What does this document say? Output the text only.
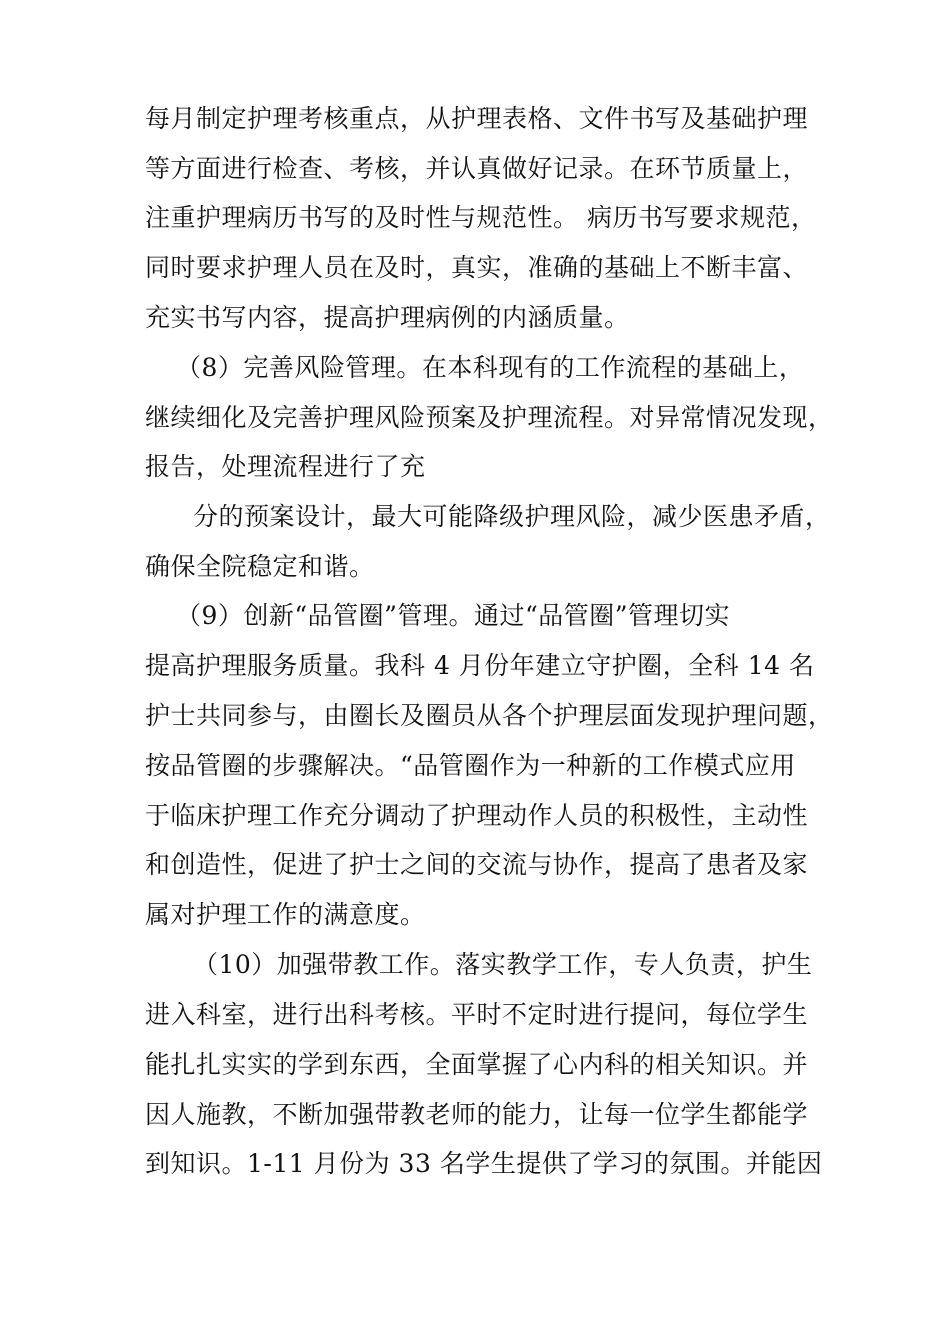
每月制定护理考核重点，从护理表格、文件书写及基础护理
等方面进行检查、考核，并认真做好记录。在环节质量上，
注重护理病历书写的及时性与规范性。 病历书写要求规范，
同时要求护理人员在及时，真实，准确的基础上不断丰富、
充实书写内容，提高护理病例的内涵质量。
（8）完善风险管理。在本科现有的工作流程的基础上，
继续细化及完善护理风险预案及护理流程。对异常情况发现，
报告，处理流程进行了充
分的预案设计，最大可能降级护理风险，减少医患矛盾，
确保全院稳定和谐。
（9）创新“品管圈”管理。通过“品管圈”管理切实
提高护理服务质量。我科 4 月份年建立守护圈，全科 14 名
护士共同参与，由圈长及圈员从各个护理层面发现护理问题，
按品管圈的步骤解决。“品管圈作为一种新的工作模式应用
于临床护理工作充分调动了护理动作人员的积极性，主动性
和创造性，促进了护士之间的交流与协作，提高了患者及家
属对护理工作的满意度。
（10）加强带教工作。落实教学工作，专人负责，护生
进入科室，进行出科考核。平时不定时进行提问，每位学生
能扎扎实实的学到东西，全面掌握了心内科的相关知识。并
因人施教，不断加强带教老师的能力，让每一位学生都能学
到知识。1-11 月份为 33 名学生提供了学习的氛围。并能因
